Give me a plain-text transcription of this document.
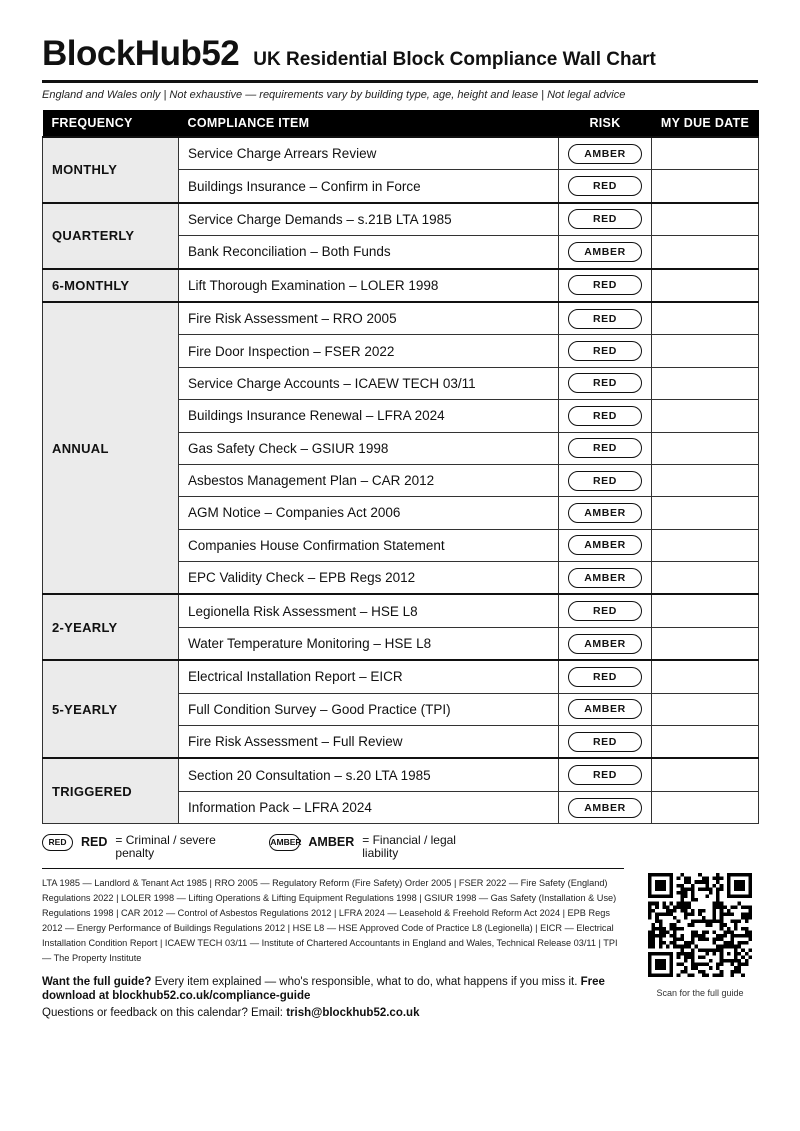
BlockHub52 UK Residential Block Compliance Wall Chart
England and Wales only | Not exhaustive — requirements vary by building type, age, height and lease | Not legal advice
FREQUENCY	COMPLIANCE ITEM	RISK	MY DUE DATE
MONTHLY	Service Charge Arrears Review	AMBER	
	Buildings Insurance – Confirm in Force	RED	
QUARTERLY	Service Charge Demands – s.21B LTA 1985	RED	
	Bank Reconciliation – Both Funds	AMBER	
6-MONTHLY	Lift Thorough Examination – LOLER 1998	RED	
ANNUAL	Fire Risk Assessment – RRO 2005	RED	
	Fire Door Inspection – FSER 2022	RED	
	Service Charge Accounts – ICAEW TECH 03/11	RED	
	Buildings Insurance Renewal – LFRA 2024	RED	
	Gas Safety Check – GSIUR 1998	RED	
	Asbestos Management Plan – CAR 2012	RED	
	AGM Notice – Companies Act 2006	AMBER	
	Companies House Confirmation Statement	AMBER	
	EPC Validity Check – EPB Regs 2012	AMBER	
2-YEARLY	Legionella Risk Assessment – HSE L8	RED	
	Water Temperature Monitoring – HSE L8	AMBER	
5-YEARLY	Electrical Installation Report – EICR	RED	
	Full Condition Survey – Good Practice (TPI)	AMBER	
	Fire Risk Assessment – Full Review	RED	
TRIGGERED	Section 20 Consultation – s.20 LTA 1985	RED	
	Information Pack – LFRA 2024	AMBER	
RED	RED = Criminal / severe penalty
AMBER AMBER = Financial / legal liability
LTA 1985 — Landlord & Tenant Act 1985 | RRO 2005 — Regulatory Reform (Fire Safety) Order 2005 | FSER 2022 — Fire Safety (England) Regulations 2022 | LOLER 1998 — Lifting Operations & Lifting Equipment Regulations 1998 | GSIUR 1998 — Gas Safety (Installation & Use) Regulations 1998 | CAR 2012 — Control of Asbestos Regulations 2012 | LFRA 2024 — Leasehold & Freehold Reform Act 2024 | EPB Regs 2012 — Energy Performance of Buildings Regulations 2012 | HSE L8 — HSE Approved Code of Practice L8 (Legionella) | EICR — Electrical Installation Condition Report | ICAEW TECH 03/11 — Institute of Chartered Accountants in England and Wales, Technical Release 03/11 | TPI — The Property Institute
Want the full guide? Every item explained — who's responsible, what to do, what happens if you miss it. Free download at blockhub52.co.uk/compliance-guide
Questions or feedback on this calendar? Email: trish@blockhub52.co.uk
Scan for the full guide
